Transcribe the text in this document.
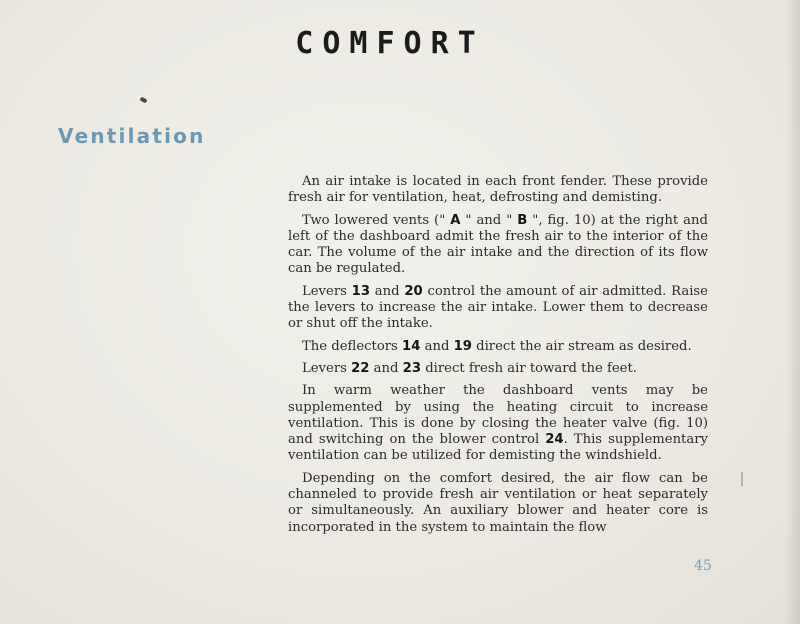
COMFORT
Ventilation

An air intake is located in each front fender. These provide fresh air for ventilation, heat, defrosting and demisting.

Two lowered vents (" A " and " B ", fig. 10) at the right and left of the dashboard admit the fresh air to the interior of the car. The volume of the air intake and the direction of its flow can be regulated.

Levers 13 and 20 control the amount of air admitted. Raise the levers to increase the air intake. Lower them to decrease or shut off the intake.

The deflectors 14 and 19 direct the air stream as desired.

Levers 22 and 23 direct fresh air toward the feet.

In warm weather the dashboard vents may be supplemented by using the heating circuit to increase ventilation. This is done by closing the heater valve (fig. 10) and switching on the blower control 24. This supplementary ventilation can be utilized for demisting the windshield.

Depending on the comfort desired, the air flow can be channeled to provide fresh air ventilation or heat separately or simultaneously. An auxiliary blower and heater core is incorporated in the system to maintain the flow

45
